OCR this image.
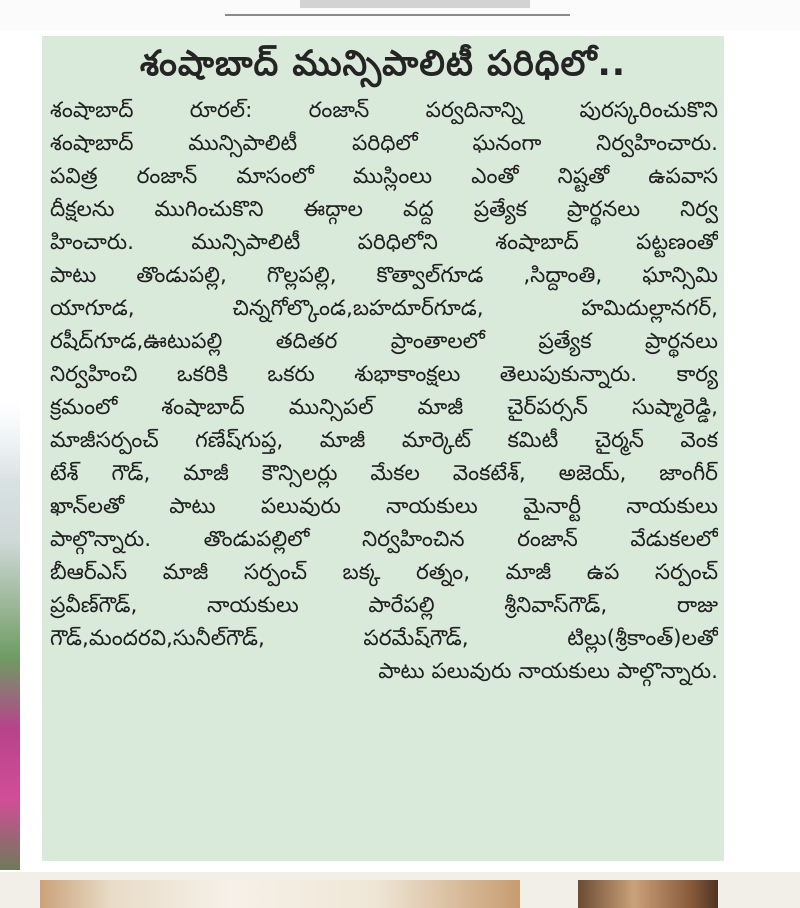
శంషాబాద్ మున్సిపాలిటీ పరిధిలో..
శంషాబాద్ రూరల్: రంజాన్ పర్వదినాన్ని పురస్కరించుకొని
శంషాబాద్ మున్సిపాలిటీ పరిధిలో ఘనంగా నిర్వహించారు.
పవిత్ర రంజాన్ మాసంలో ముస్లింలు ఎంతో నిష్టతో ఉపవాస
దీక్షలను ముగించుకొని ఈద్గాల వద్ద ప్రత్యేక ప్రార్థనలు నిర్వ
హించారు. మున్సిపాలిటీ పరిధిలోని శంషాబాద్ పట్టణంతో
పాటు తొండుపల్లి, గొల్లపల్లి, కొత్వాల్‌గూడ ,సిద్దాంతి, ఘాన్సిమి
యాగూడ, చిన్నగోల్కొండ,బహదూర్‌గూడ, హమిదుల్లానగర్,
రషీద్‌గూడ,ఊటుపల్లి తదితర ప్రాంతాలలో ప్రత్యేక ప్రార్థనలు
నిర్వహించి ఒకరికి ఒకరు శుభాకాంక్షలు తెలుపుకున్నారు. కార్య
క్రమంలో శంషాబాద్ మున్సిపల్ మాజీ చైర్‌పర్సన్ సుష్మారెడ్డి,
మాజీసర్పంచ్ గణేష్‌గుప్త, మాజీ మార్కెట్ కమిటీ చైర్మన్ వెంక
టేశ్ గౌడ్, మాజీ కౌన్సిలర్లు మేకల వెంకటేశ్, అజెయ్, జాంగీర్
ఖాన్‌లతో పాటు పలువురు నాయకులు మైనార్టీ నాయకులు
పాల్గొన్నారు. తొండుపల్లిలో నిర్వహించిన రంజాన్ వేడుకలలో
బీఆర్‌ఎస్ మాజీ సర్పంచ్ బక్క రత్నం, మాజీ ఉప సర్పంచ్
ప్రవీణ్‌గౌడ్, నాయకులు పారేపల్లి శ్రీనివాస్‌గౌడ్, రాజు
గౌడ్,మందరవి,సునీల్‌గౌడ్, పరమేష్‌గౌడ్, టిల్లు(శ్రీకాంత్)లతో
పాటు పలువురు నాయకులు పాల్గొన్నారు.
